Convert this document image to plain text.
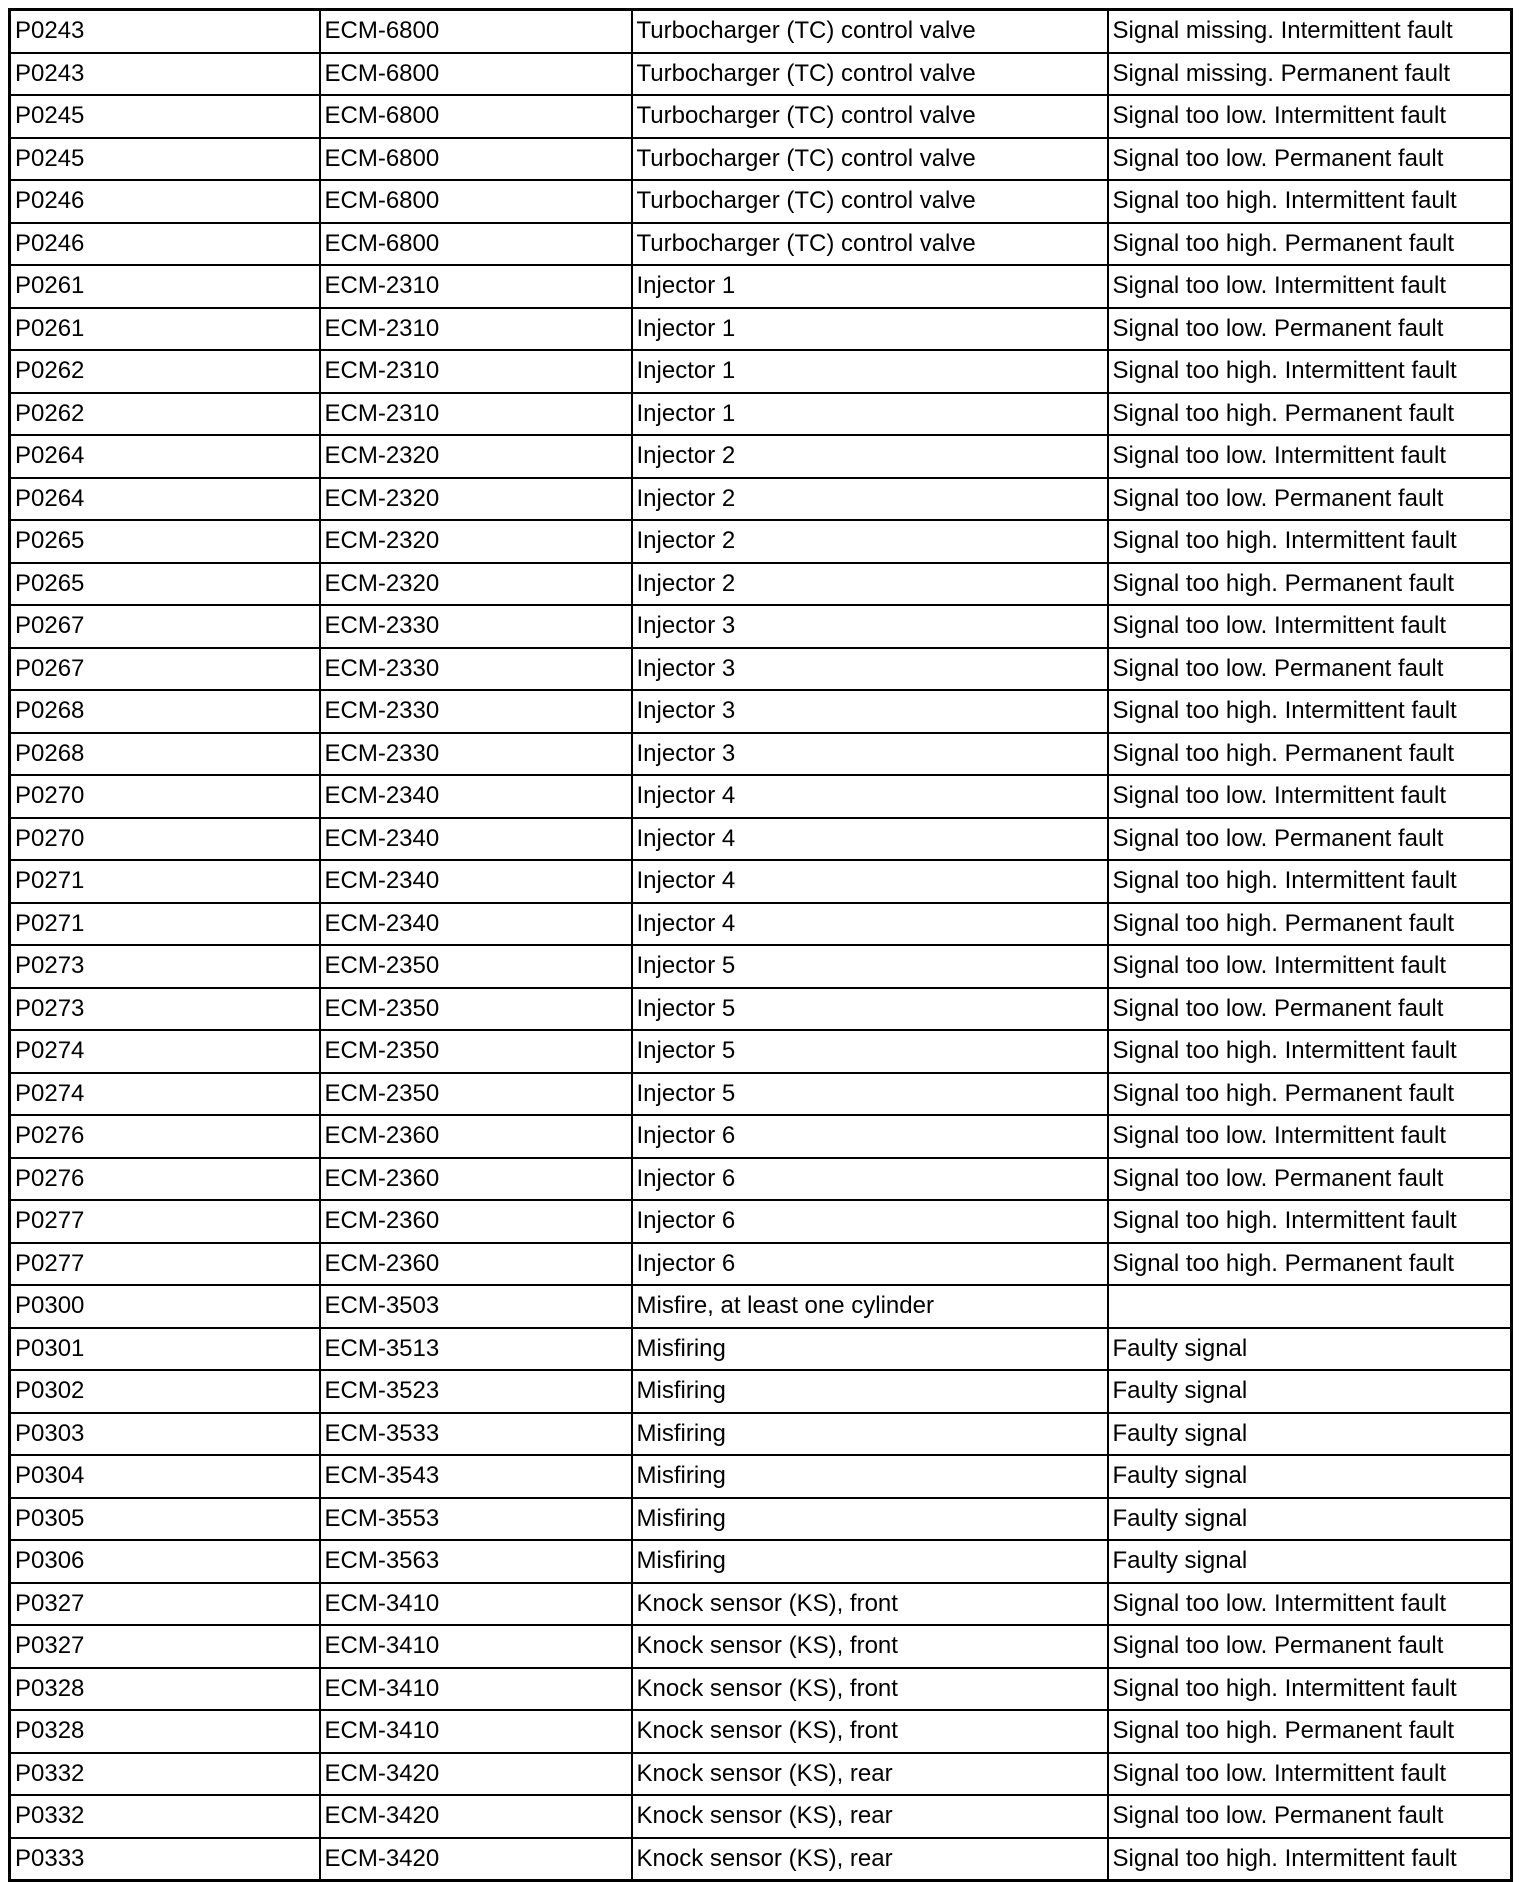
P0243	ECM-6800	Turbocharger (TC) control valve	Signal missing. Intermittent fault
P0243	ECM-6800	Turbocharger (TC) control valve	Signal missing. Permanent fault
P0245	ECM-6800	Turbocharger (TC) control valve	Signal too low. Intermittent fault
P0245	ECM-6800	Turbocharger (TC) control valve	Signal too low. Permanent fault
P0246	ECM-6800	Turbocharger (TC) control valve	Signal too high. Intermittent fault
P0246	ECM-6800	Turbocharger (TC) control valve	Signal too high. Permanent fault
P0261	ECM-2310	Injector 1	Signal too low. Intermittent fault
P0261	ECM-2310	Injector 1	Signal too low. Permanent fault
P0262	ECM-2310	Injector 1	Signal too high. Intermittent fault
P0262	ECM-2310	Injector 1	Signal too high. Permanent fault
P0264	ECM-2320	Injector 2	Signal too low. Intermittent fault
P0264	ECM-2320	Injector 2	Signal too low. Permanent fault
P0265	ECM-2320	Injector 2	Signal too high. Intermittent fault
P0265	ECM-2320	Injector 2	Signal too high. Permanent fault
P0267	ECM-2330	Injector 3	Signal too low. Intermittent fault
P0267	ECM-2330	Injector 3	Signal too low. Permanent fault
P0268	ECM-2330	Injector 3	Signal too high. Intermittent fault
P0268	ECM-2330	Injector 3	Signal too high. Permanent fault
P0270	ECM-2340	Injector 4	Signal too low. Intermittent fault
P0270	ECM-2340	Injector 4	Signal too low. Permanent fault
P0271	ECM-2340	Injector 4	Signal too high. Intermittent fault
P0271	ECM-2340	Injector 4	Signal too high. Permanent fault
P0273	ECM-2350	Injector 5	Signal too low. Intermittent fault
P0273	ECM-2350	Injector 5	Signal too low. Permanent fault
P0274	ECM-2350	Injector 5	Signal too high. Intermittent fault
P0274	ECM-2350	Injector 5	Signal too high. Permanent fault
P0276	ECM-2360	Injector 6	Signal too low. Intermittent fault
P0276	ECM-2360	Injector 6	Signal too low. Permanent fault
P0277	ECM-2360	Injector 6	Signal too high. Intermittent fault
P0277	ECM-2360	Injector 6	Signal too high. Permanent fault
P0300	ECM-3503	Misfire, at least one cylinder	
P0301	ECM-3513	Misfiring	Faulty signal
P0302	ECM-3523	Misfiring	Faulty signal
P0303	ECM-3533	Misfiring	Faulty signal
P0304	ECM-3543	Misfiring	Faulty signal
P0305	ECM-3553	Misfiring	Faulty signal
P0306	ECM-3563	Misfiring	Faulty signal
P0327	ECM-3410	Knock sensor (KS), front	Signal too low. Intermittent fault
P0327	ECM-3410	Knock sensor (KS), front	Signal too low. Permanent fault
P0328	ECM-3410	Knock sensor (KS), front	Signal too high. Intermittent fault
P0328	ECM-3410	Knock sensor (KS), front	Signal too high. Permanent fault
P0332	ECM-3420	Knock sensor (KS), rear	Signal too low. Intermittent fault
P0332	ECM-3420	Knock sensor (KS), rear	Signal too low. Permanent fault
P0333	ECM-3420	Knock sensor (KS), rear	Signal too high. Intermittent fault
